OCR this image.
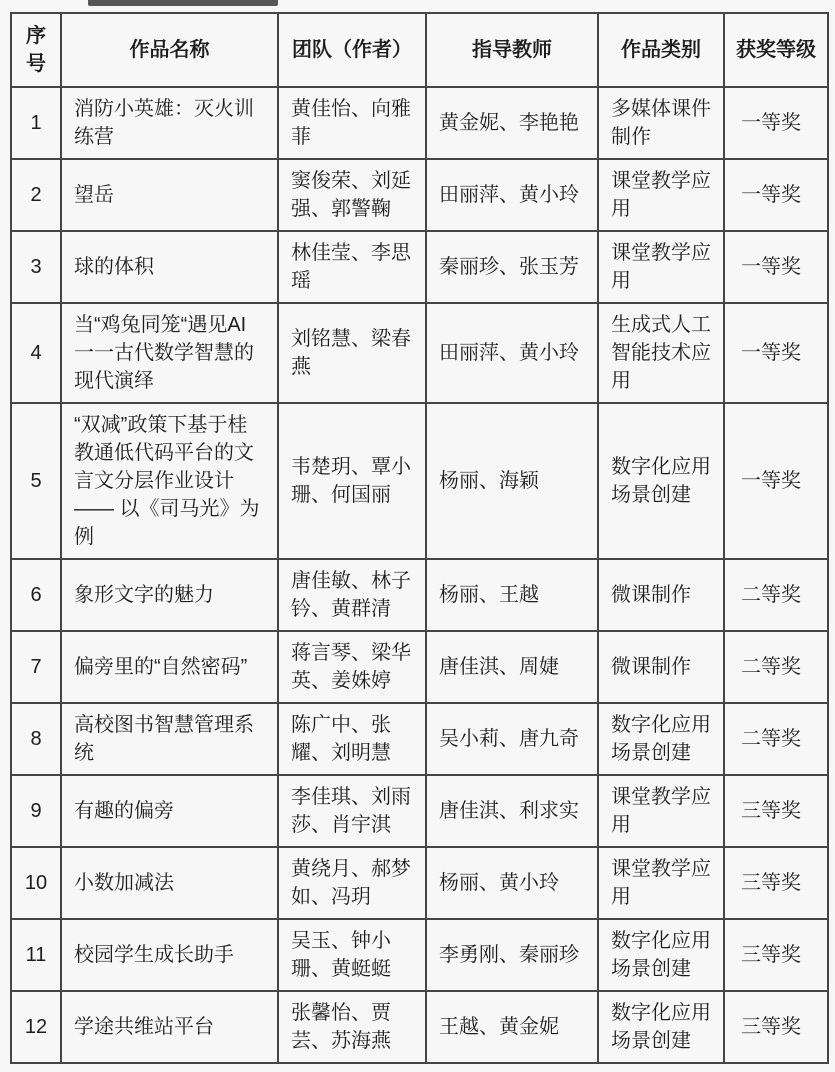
序号	作品名称	团队（作者）	指导教师	作品类别	获奖等级
1	消防小英雄：灭火训练营	黄佳怡、向雅菲	黄金妮、李艳艳	多媒体课件制作	一等奖
2	望岳	窦俊荣、刘延强、郭警鞠	田丽萍、黄小玲	课堂教学应用	一等奖
3	球的体积	林佳莹、李思瑶	秦丽珍、张玉芳	课堂教学应用	一等奖
4	当“鸡兔同笼“遇见AI 一一古代数学智慧的现代演绎	刘铭慧、梁春燕	田丽萍、黄小玲	生成式人工智能技术应用	一等奖
5	“双减”政策下基于桂教通低代码平台的文言文分层作业设计 —— 以《司马光》为例	韦楚玥、覃小珊、何国丽	杨丽、海颖	数字化应用场景创建	一等奖
6	象形文字的魅力	唐佳敏、林子钤、黄群清	杨丽、王越	微课制作	二等奖
7	偏旁里的“自然密码”	蒋言琴、梁华英、姜姝婷	唐佳淇、周婕	微课制作	二等奖
8	高校图书智慧管理系统	陈广中、张耀、刘明慧	吴小莉、唐九奇	数字化应用场景创建	二等奖
9	有趣的偏旁	李佳琪、刘雨莎、肖宇淇	唐佳淇、利求实	课堂教学应用	三等奖
10	小数加减法	黄绕月、郝梦如、冯玥	杨丽、黄小玲	课堂教学应用	三等奖
11	校园学生成长助手	吴玉、钟小珊、黄蜓蜓	李勇刚、秦丽珍	数字化应用场景创建	三等奖
12	学途共维站平台	张馨怡、贾芸、苏海燕	王越、黄金妮	数字化应用场景创建	三等奖
